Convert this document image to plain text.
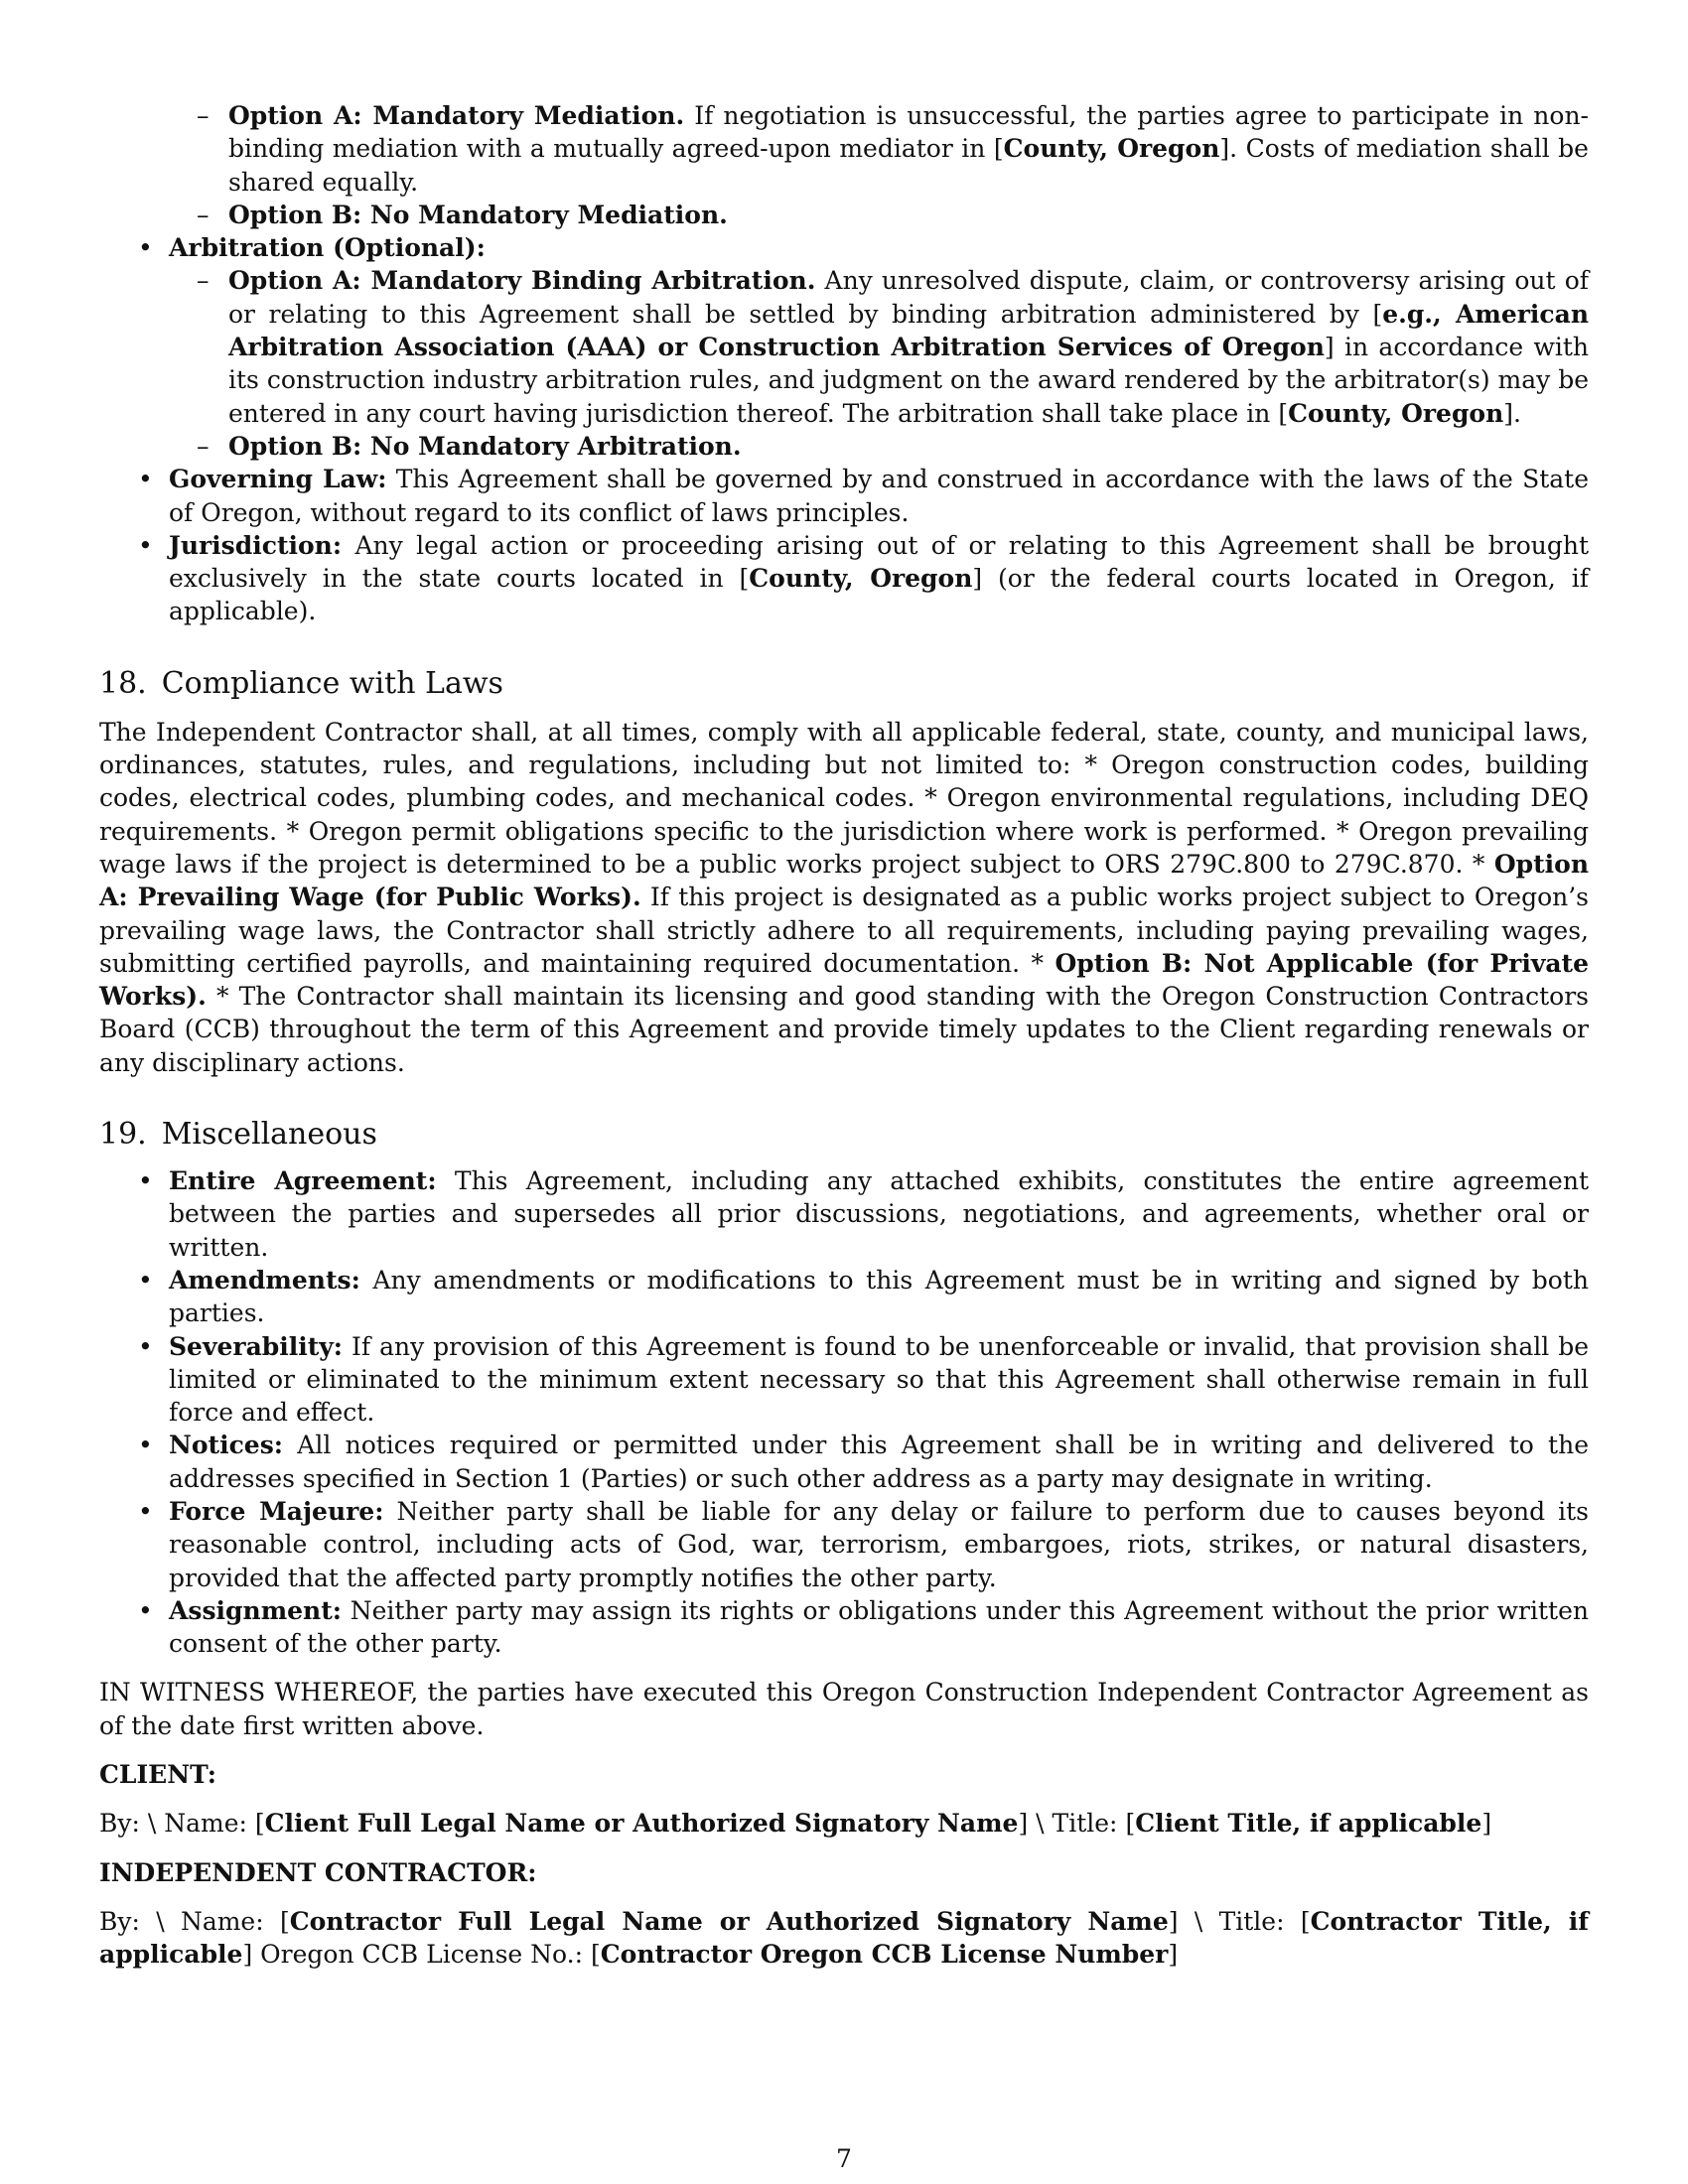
– Option A: Mandatory Mediation. If negotiation is unsuccessful, the parties agree to participate in non-binding mediation with a mutually agreed-upon mediator in [County, Oregon]. Costs of mediation shall be shared equally.
– Option B: No Mandatory Mediation.
• Arbitration (Optional):
– Option A: Mandatory Binding Arbitration. Any unresolved dispute, claim, or controversy arising out of or relating to this Agreement shall be settled by binding arbitration administered by [e.g., American Arbitration Association (AAA) or Construction Arbitration Services of Oregon] in accordance with its construction industry arbitration rules, and judgment on the award rendered by the arbitrator(s) may be entered in any court having jurisdiction thereof. The arbitration shall take place in [County, Oregon].
– Option B: No Mandatory Arbitration.
• Governing Law: This Agreement shall be governed by and construed in accordance with the laws of the State of Oregon, without regard to its conflict of laws principles.
• Jurisdiction: Any legal action or proceeding arising out of or relating to this Agreement shall be brought exclusively in the state courts located in [County, Oregon] (or the federal courts located in Oregon, if applicable).
18. Compliance with Laws

The Independent Contractor shall, at all times, comply with all applicable federal, state, county, and municipal laws, ordinances, statutes, rules, and regulations, including but not limited to: * Oregon construction codes, building codes, electrical codes, plumbing codes, and mechanical codes. * Oregon environmental regulations, including DEQ requirements. * Oregon permit obligations specific to the jurisdiction where work is performed. * Oregon prevailing wage laws if the project is determined to be a public works project subject to ORS 279C.800 to 279C.870. * Option A: Prevailing Wage (for Public Works). If this project is designated as a public works project subject to Oregon’s prevailing wage laws, the Contractor shall strictly adhere to all requirements, including paying prevailing wages, submitting certified payrolls, and maintaining required documentation. * Option B: Not Applicable (for Private Works). * The Contractor shall maintain its licensing and good standing with the Oregon Construction Contractors Board (CCB) throughout the term of this Agreement and provide timely updates to the Client regarding renewals or any disciplinary actions.

19. Miscellaneous
• Entire Agreement: This Agreement, including any attached exhibits, constitutes the entire agreement between the parties and supersedes all prior discussions, negotiations, and agreements, whether oral or written.
• Amendments: Any amendments or modifications to this Agreement must be in writing and signed by both parties.
• Severability: If any provision of this Agreement is found to be unenforceable or invalid, that provision shall be limited or eliminated to the minimum extent necessary so that this Agreement shall otherwise remain in full force and effect.
• Notices: All notices required or permitted under this Agreement shall be in writing and delivered to the addresses specified in Section 1 (Parties) or such other address as a party may designate in writing.
• Force Majeure: Neither party shall be liable for any delay or failure to perform due to causes beyond its reasonable control, including acts of God, war, terrorism, embargoes, riots, strikes, or natural disasters, provided that the affected party promptly notifies the other party.
• Assignment: Neither party may assign its rights or obligations under this Agreement without the prior written consent of the other party.

IN WITNESS WHEREOF, the parties have executed this Oregon Construction Independent Contractor Agreement as of the date first written above.

CLIENT:

By: \ Name: [Client Full Legal Name or Authorized Signatory Name] \ Title: [Client Title, if applicable]

INDEPENDENT CONTRACTOR:

By: \ Name: [Contractor Full Legal Name or Authorized Signatory Name] \ Title: [Contractor Title, if applicable] Oregon CCB License No.: [Contractor Oregon CCB License Number]

7
